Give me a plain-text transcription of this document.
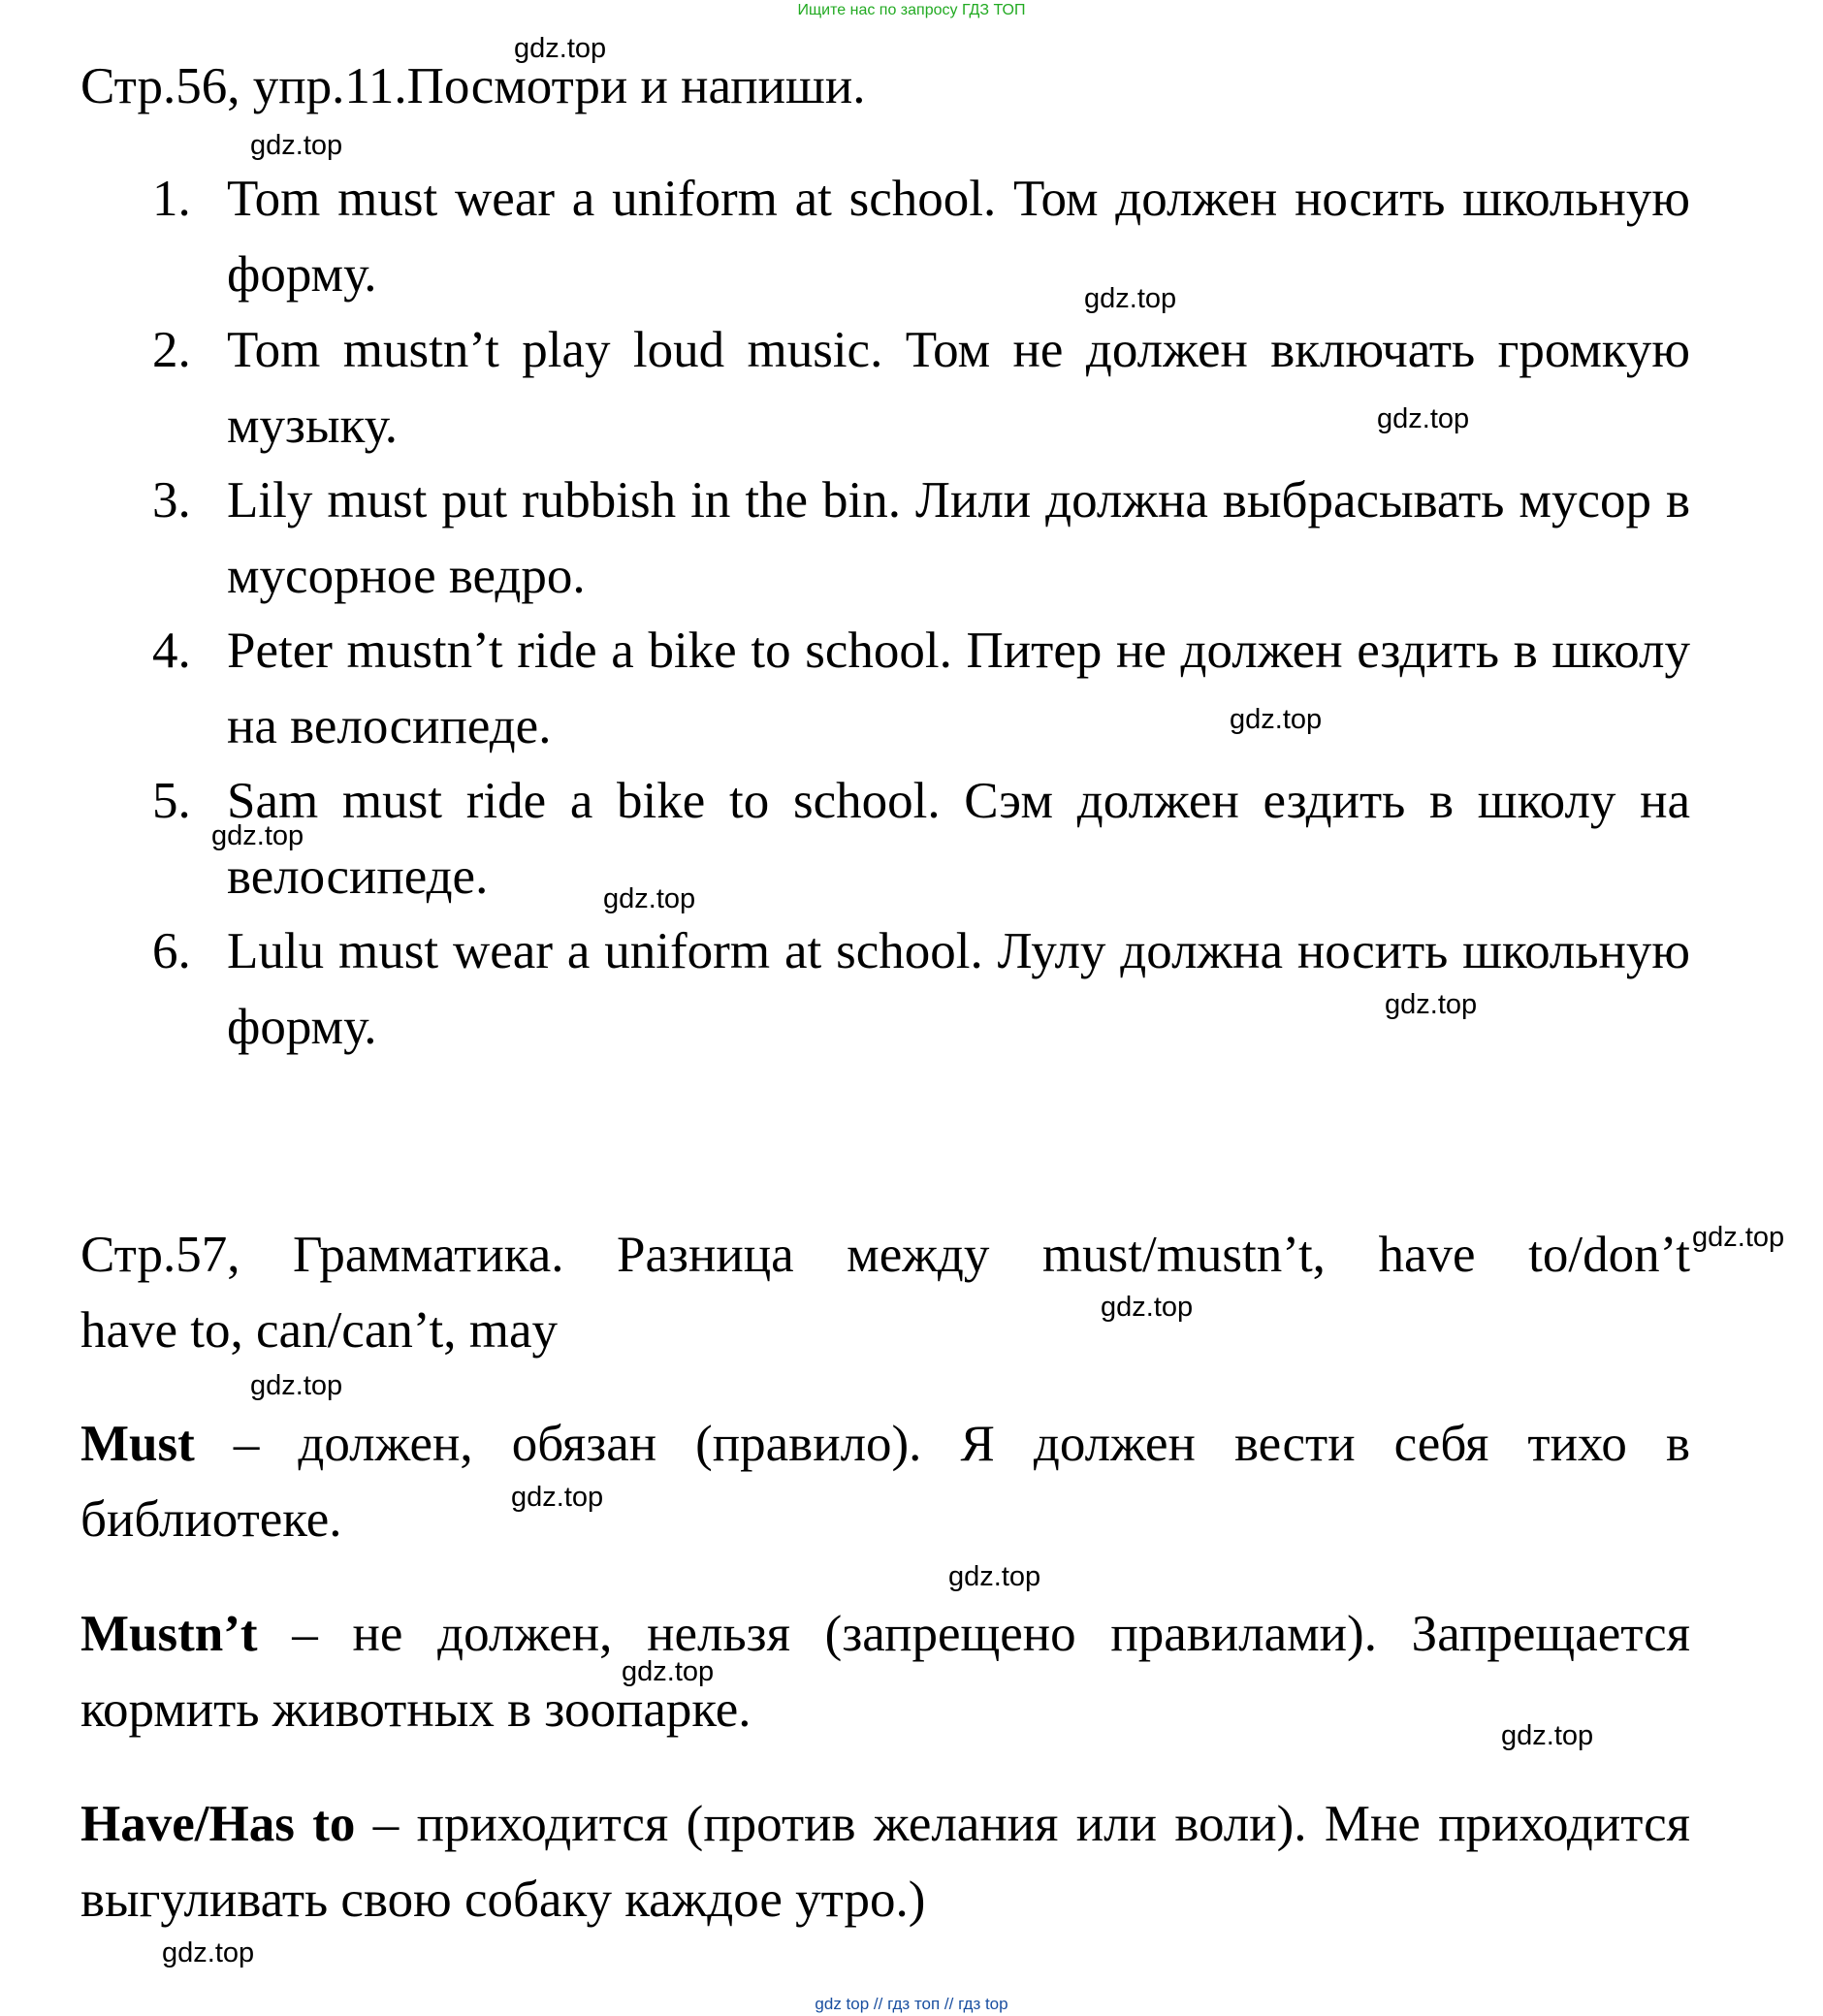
Ищите нас по запросу ГДЗ ТОП
Стр.56, упр.11.Посмотри и напиши.
1. Tom must wear a uniform at school. Том должен носить школьную форму.
2. Tom mustn’t play loud music. Том не должен включать громкую музыку.
3. Lily must put rubbish in the bin. Лили должна выбрасывать мусор в мусорное ведро.
4. Peter mustn’t ride a bike to school. Питер не должен ездить в школу на велосипеде.
5. Sam must ride a bike to school. Сэм должен ездить в школу на велосипеде.
6. Lulu must wear a uniform at school. Лулу должна носить школьную форму.
Стр.57, Грамматика. Разница между must/mustn’t, have to/don’t
have to, can/can’t, may
Must – должен, обязан (правило). Я должен вести себя тихо в библиотеке.
Mustn’t – не должен, нельзя (запрещено правилами). Запрещается кормить животных в зоопарке.
Have/Has to – приходится (против желания или воли). Мне приходится выгуливать свою собаку каждое утро.)
gdz.top
gdz.top
gdz.top
gdz.top
gdz.top
gdz.top
gdz.top
gdz.top
gdz.top
gdz.top
gdz.top
gdz.top
gdz.top
gdz.top
gdz.top
gdz.top
gdz top // гдз топ // гдз top
